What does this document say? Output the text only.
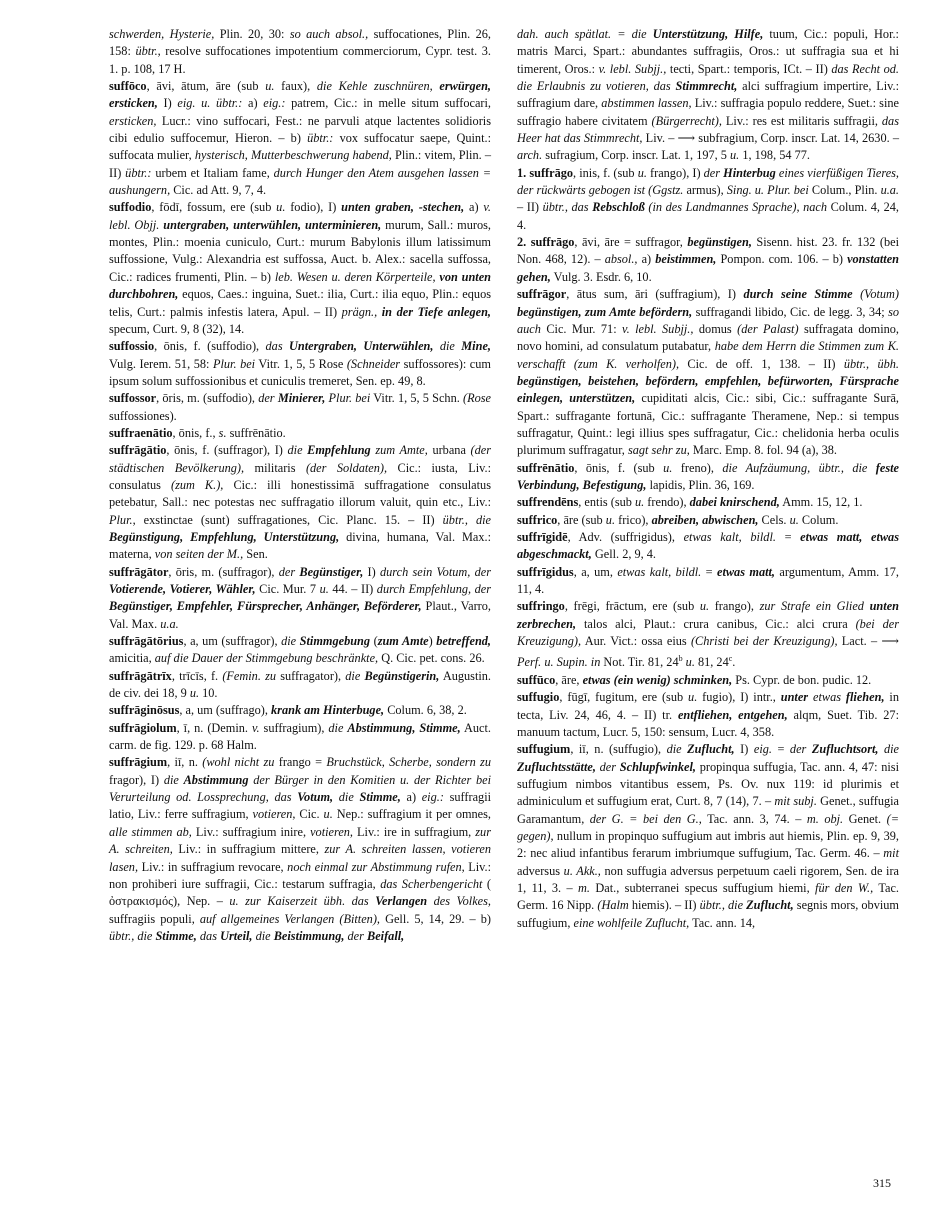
schwerden, Hysterie, Plin. 20, 30: so auch absol., suffocationes, Plin. 26, 158: übtr., resolve suffocationes impotentium commerciorum, Cypr. test. 3. 1. p. 108, 17 H.

suffōco, āvi, ātum, āre (sub u. faux), die Kehle zuschnüren, erwürgen, ersticken, I) eig. u. übtr.: a) eig.: patrem, Cic.: in melle situm suffocari, ersticken, Lucr.: vino suffocari, Fest.: ne parvuli atque lactentes solidioris cibi edulio suffocemur, Hieron. – b) übtr.: vox suffocatur saepe, Quint.: suffocata mulier, hysterisch, Mutterbeschwerung habend, Plin.: vitem, Plin. – II) übtr.: urbem et Italiam fame, durch Hunger den Atem ausgehen lassen = aushungern, Cic. ad Att. 9, 7, 4.

suffodio, fōdī, fossum, ere (sub u. fodio), I) unten graben, -stechen, a) v. lebl. Objj. untergraben, unterwühlen, unterminieren, murum, Sall.: muros, montes, Plin.: moenia cuniculo, Curt.: murum Babylonis illum latissimum suffossione, Vulg.: Alexandria est suffossa, Auct. b. Alex.: sacella suffossa, Cic.: radices frumenti, Plin. – b) leb. Wesen u. deren Körperteile, von unten durchbohren, equos, Caes.: inguina, Suet.: ilia, Curt.: ilia equo, Plin.: equos telis, Curt.: palmis infestis latera, Apul. – II) prägn., in der Tiefe anlegen, specum, Curt. 9, 8 (32), 14.

suffossio, ōnis, f. (suffodio), das Untergraben, Unterwühlen, die Mine, Vulg. Ierem. 51, 58: Plur. bei Vitr. 1, 5, 5 Rose (Schneider suffossores): cum ipsum solum suffossionibus et cuniculis tremeret, Sen. ep. 49, 8.

suffossor, ōris, m. (suffodio), der Minierer, Plur. bei Vitr. 1, 5, 5 Schn. (Rose suffossiones).

suffraenātio, ōnis, f., s. suffrēnātio.

suffrāgātio, ōnis, f. (suffragor), I) die Empfehlung zum Amte, urbana (der städtischen Bevölkerung), militaris (der Soldaten), Cic.: iusta, Liv.: consulatus (zum K.), Cic.: illi honestissimā suffragatione consulatus petebatur, Sall.: nec potestas nec suffragatio illorum valuit, quin etc., Liv.: Plur., exstinctae (sunt) suffragationes, Cic. Planc. 15. – II) übtr., die Begünstigung, Empfehlung, Unterstützung, divina, humana, Val. Max.: materna, von seiten der M., Sen.

suffrāgātor, ōris, m. (suffragor), der Begünstiger, I) durch sein Votum, der Votierende, Votierer, Wähler, Cic. Mur. 7 u. 44. – II) durch Empfehlung, der Begünstiger, Empfehler, Fürsprecher, Anhänger, Beförderer, Plaut., Varro, Val. Max. u.a.

suffrāgātōrius, a, um (suffragor), die Stimmgebung (zum Amte) betreffend, amicitia, auf die Dauer der Stimmgebung beschränkte, Q. Cic. pet. cons. 26.

suffrāgātrīx, trīcīs, f. (Femin. zu suffragator), die Begünstigerin, Augustin. de civ. dei 18, 9 u. 10.

suffrāginōsus, a, um (suffrago), krank am Hinterbuge, Colum. 6, 38, 2.

suffrāgiolum, ī, n. (Demin. v. suffragium), die Abstimmung, Stimme, Auct. carm. de fig. 129. p. 68 Halm.

suffrāgium, iī, n. (wohl nicht zu frango = Bruchstück, Scherbe, sondern zu fragor), I) die Abstimmung der Bürger in den Komitien u. der Richter bei Verurteilung od. Lossprechung, das Votum, die Stimme, a) eig.: suffragii latio, Liv.: ferre suffragium, votieren, Cic. u. Nep.: suffragium it per omnes, alle stimmen ab, Liv.: suffragium inire, votieren, Liv.: ire in suffragium, zur A. schreiten, Liv.: in suffragium mittere, zur A. schreiten lassen, votieren lasen, Liv.: in suffragium revocare, noch einmal zur Abstimmung rufen, Liv.: non prohiberi iure suffragii, Cic.: testarum suffragia, das Scherbengericht ( ὀστρακισμός), Nep. – u. zur Kaiserzeit übh. das Verlangen des Volkes, suffragiis populi, auf allgemeines Verlangen (Bitten), Gell. 5, 14, 29. – b) übtr., die Stimme, das Urteil, die Beistimmung, der Beifall,

dah. auch spätlat. = die Unterstützung, Hilfe, tuum, Cic.: populi, Hor.: matris Marci, Spart.: abundantes suffragiis, Oros.: ut suffragia sua et hi timerent, Oros.: v. lebl. Subjj., tecti, Spart.: temporis, ICt. – II) das Recht od. die Erlaubnis zu votieren, das Stimmrecht, alci suffragium impertire, Liv.: suffragium dare, abstimmen lassen, Liv.: suffragia populo reddere, Suet.: sine suffragio habere civitatem (Bürgerrecht), Liv.: res est militaris suffragii, das Heer hat das Stimmrecht, Liv. – ⟶ subfragium, Corp. inscr. Lat. 14, 2630. – arch. sufragium, Corp. inscr. Lat. 1, 197, 5 u. 1, 198, 54 77.

1. suffrāgo, inis, f. (sub u. frango), I) der Hinterbug eines vierfüßigen Tieres, der rückwärts gebogen ist (Ggstz. armus), Sing. u. Plur. bei Colum., Plin. u.a. – II) übtr., das Rebschloß (in des Landmannes Sprache), nach Colum. 4, 24, 4.

2. suffrāgo, āvi, āre = suffragor, begünstigen, Sisenn. hist. 23. fr. 132 (bei Non. 468, 12). – absol., a) beistimmen, Pompon. com. 106. – b) vonstatten gehen, Vulg. 3. Esdr. 6, 10.

suffrāgor, ātus sum, āri (suffragium), I) durch seine Stimme (Votum) begünstigen, zum Amte befördern, suffragandi libido, Cic. de legg. 3, 34; so auch Cic. Mur. 71: v. lebl. Subjj., domus (der Palast) suffragata domino, novo homini, ad consulatum putabatur, habe dem Herrn die Stimmen zum K. verschafft (zum K. verholfen), Cic. de off. 1, 138. – II) übtr., übh. begünstigen, beistehen, befördern, empfehlen, befürworten, Fürsprache einlegen, unterstützen, cupiditati alcis, Cic.: sibi, Cic.: suffragante Surā, Spart.: suffragante fortunā, Cic.: suffragante Theramene, Nep.: si tempus suffragatur, Quint.: legi illius spes suffragatur, Cic.: chelidonia herba oculis plurimum suffragatur, sagt sehr zu, Marc. Emp. 8. fol. 94 (a), 38.

suffrēnātio, ōnis, f. (sub u. freno), die Aufzäumung, übtr., die feste Verbindung, Befestigung, lapidis, Plin. 36, 169.

suffrendēns, entis (sub u. frendo), dabei knirschend, Amm. 15, 12, 1.

suffrico, āre (sub u. frico), abreiben, abwischen, Cels. u. Colum.

suffrīgidē, Adv. (suffrigidus), etwas kalt, bildl. = etwas matt, etwas abgeschmackt, Gell. 2, 9, 4.

suffrīgidus, a, um, etwas kalt, bildl. = etwas matt, argumentum, Amm. 17, 11, 4.

suffringo, frēgi, frāctum, ere (sub u. frango), zur Strafe ein Glied unten zerbrechen, talos alci, Plaut.: crura canibus, Cic.: alci crura (bei der Kreuzigung), Aur. Vict.: ossa eius (Christi bei der Kreuzigung), Lact. – ⟶ Perf. u. Supin. in Not. Tir. 81, 24$^b$ u. 81, 24$^c$.

suffūco, āre, etwas (ein wenig) schminken, Ps. Cypr. de bon. pudic. 12.

suffugio, fūgī, fugitum, ere (sub u. fugio), I) intr., unter etwas fliehen, in tecta, Liv. 24, 46, 4. – II) tr. entfliehen, entgehen, alqm, Suet. Tib. 27: manuum tactum, Lucr. 5, 150: sensum, Lucr. 4, 358.

suffugium, iī, n. (suffugio), die Zuflucht, I) eig. = der Zufluchtsort, die Zufluchtsstätte, der Schlupfwinkel, propinqua suffugia, Tac. ann. 4, 47: nisi suffugium nimbos vitantibus essem, Ps. Ov. nux 119: id plurimis et adminiculum et suffugium erat, Curt. 8, 7 (14), 7. – mit subj. Genet., suffugia Garamantum, der G. = bei den G., Tac. ann. 3, 74. – m. obj. Genet. (= gegen), nullum in propinquo suffugium aut imbris aut hiemis, Plin. ep. 9, 39, 2: nec aliud infantibus ferarum imbriumque suffugium, Tac. Germ. 46. – mit adversus u. Akk., non suffugia adversus perpetuum caeli rigorem, Sen. de ira 1, 11, 3. – m. Dat., subterranei specus suffugium hiemi, für den W., Tac. Germ. 16 Nipp. (Halm hiemis). – II) übtr., die Zuflucht, segnis mors, obvium suffugium, eine wohlfeile Zuflucht, Tac. ann. 14,

315
